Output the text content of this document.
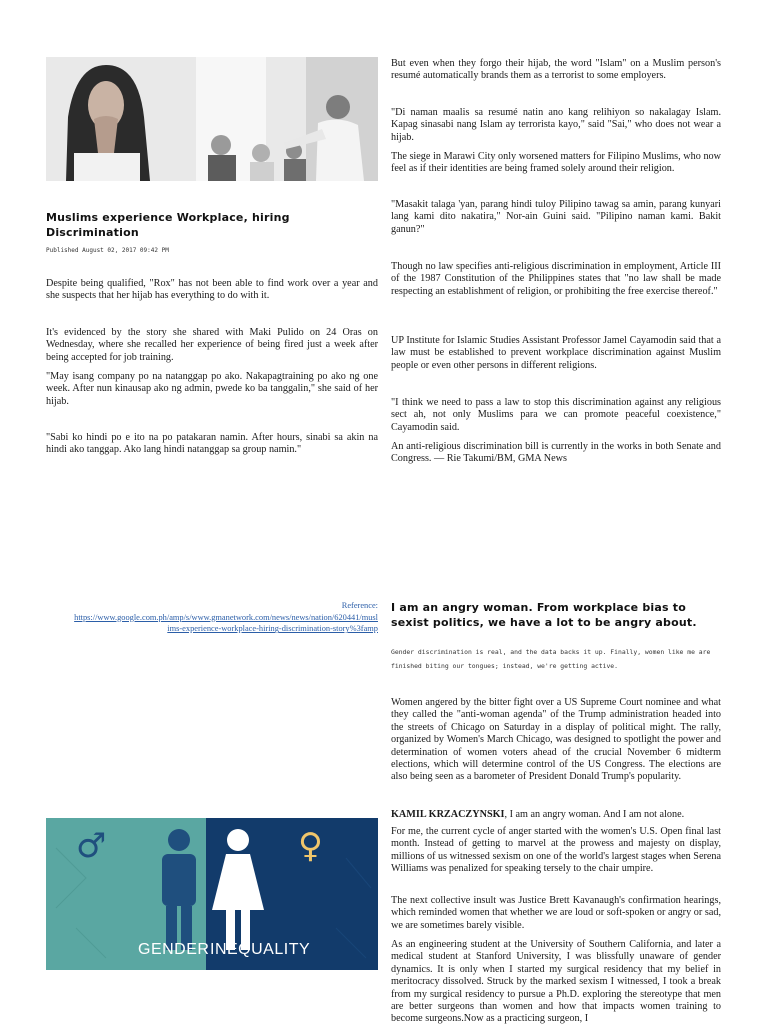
Muslims experience Workplace, hiring Discrimination

Published August 02, 2017 09:42 PM

Despite being qualified, "Rox" has not been able to find work over a year and she suspects that her hijab has everything to do with it.

It's evidenced by the story she shared with Maki Pulido on 24 Oras on Wednesday, where she recalled her experience of being fired just a week after being accepted for job training.

"May isang company po na natanggap po ako. Nakapagtraining po ako ng one week. After nun kinausap ako ng admin, pwede ko ba tanggalin," she said of her hijab.

"Sabi ko hindi po e ito na po patakaran namin. After hours, sinabi sa akin na hindi ako tanggap. Ako lang hindi natanggap sa group namin."

But even when they forgo their hijab, the word "Islam" on a Muslim person's resumé automatically brands them as a terrorist to some employers.

"Di naman maalis sa resumé natin ano kang relihiyon so nakalagay Islam. Kapag sinasabi nang Islam ay terrorista kayo," said "Sai," who does not wear a hijab.

The siege in Marawi City only worsened matters for Filipino Muslims, who now feel as if their identities are being framed solely around their religion.

"Masakit talaga 'yan, parang hindi tuloy Pilipino tawag sa amin, parang kunyari lang kami dito nakatira," Nor-ain Guini said. "Pilipino naman kami. Bakit ganun?"

Though no law specifies anti-religious discrimination in employment, Article III of the 1987 Constitution of the Philippines states that "no law shall be made respecting an establishment of religion, or prohibiting the free exercise thereof."

UP Institute for Islamic Studies Assistant Professor Jamel Cayamodin said that a law must be established to prevent workplace discrimination against Muslim people or even other persons in different religions.

"I think we need to pass a law to stop this discrimination against any religious sect ah, not only Muslims para we can promote peaceful coexistence," Cayamodin said.

An anti-religious discrimination bill is currently in the works in both Senate and Congress. — Rie Takumi/BM, GMA News

Reference:
https://www.google.com.ph/amp/s/www.gmanetwork.com/news/news/nation/620441/musl
ims-experience-workplace-hiring-discrimination-story%3famp
I am an angry woman. From workplace bias to sexist politics, we have a lot to be angry about.

Gender discrimination is real, and the data backs it up. Finally, women like me are

finished biting our tongues; instead, we're getting active.

Women angered by the bitter fight over a US Supreme Court nominee and what they called the "anti-woman agenda" of the Trump administration headed into the streets of Chicago on Saturday in a display of political might. The rally, organized by Women's March Chicago, was designed to spotlight the power and determination of women voters ahead of the crucial November 6 midterm elections, which will determine control of the US Congress. The elections are also being seen as a barometer of President Donald Trump's popularity.

KAMIL KRZACZYNSKI, I am an angry woman. And I am not alone.

For me, the current cycle of anger started with the women's U.S. Open final last month. Instead of getting to marvel at the prowess and majesty on display, millions of us witnessed sexism on one of the world's largest stages when Serena Williams was penalized for speaking tersely to the chair umpire.

The next collective insult was Justice Brett Kavanaugh's confirmation hearings, which reminded women that whether we are loud or soft-spoken or angry or sad, we are sometimes barely visible.

As an engineering student at the University of Southern California, and later a medical student at Stanford University, I was blissfully unaware of gender dynamics. It is only when I started my surgical residency that my belief in meritocracy dissolved. Struck by the marked sexism I witnessed, I took a break from my surgical residency to pursue a Ph.D. exploring the stereotype that men are better surgeons than women and how that impacts women training to become surgeons.Now as a practicing surgeon, I

♂	♀
GENDER INEQUALITY
